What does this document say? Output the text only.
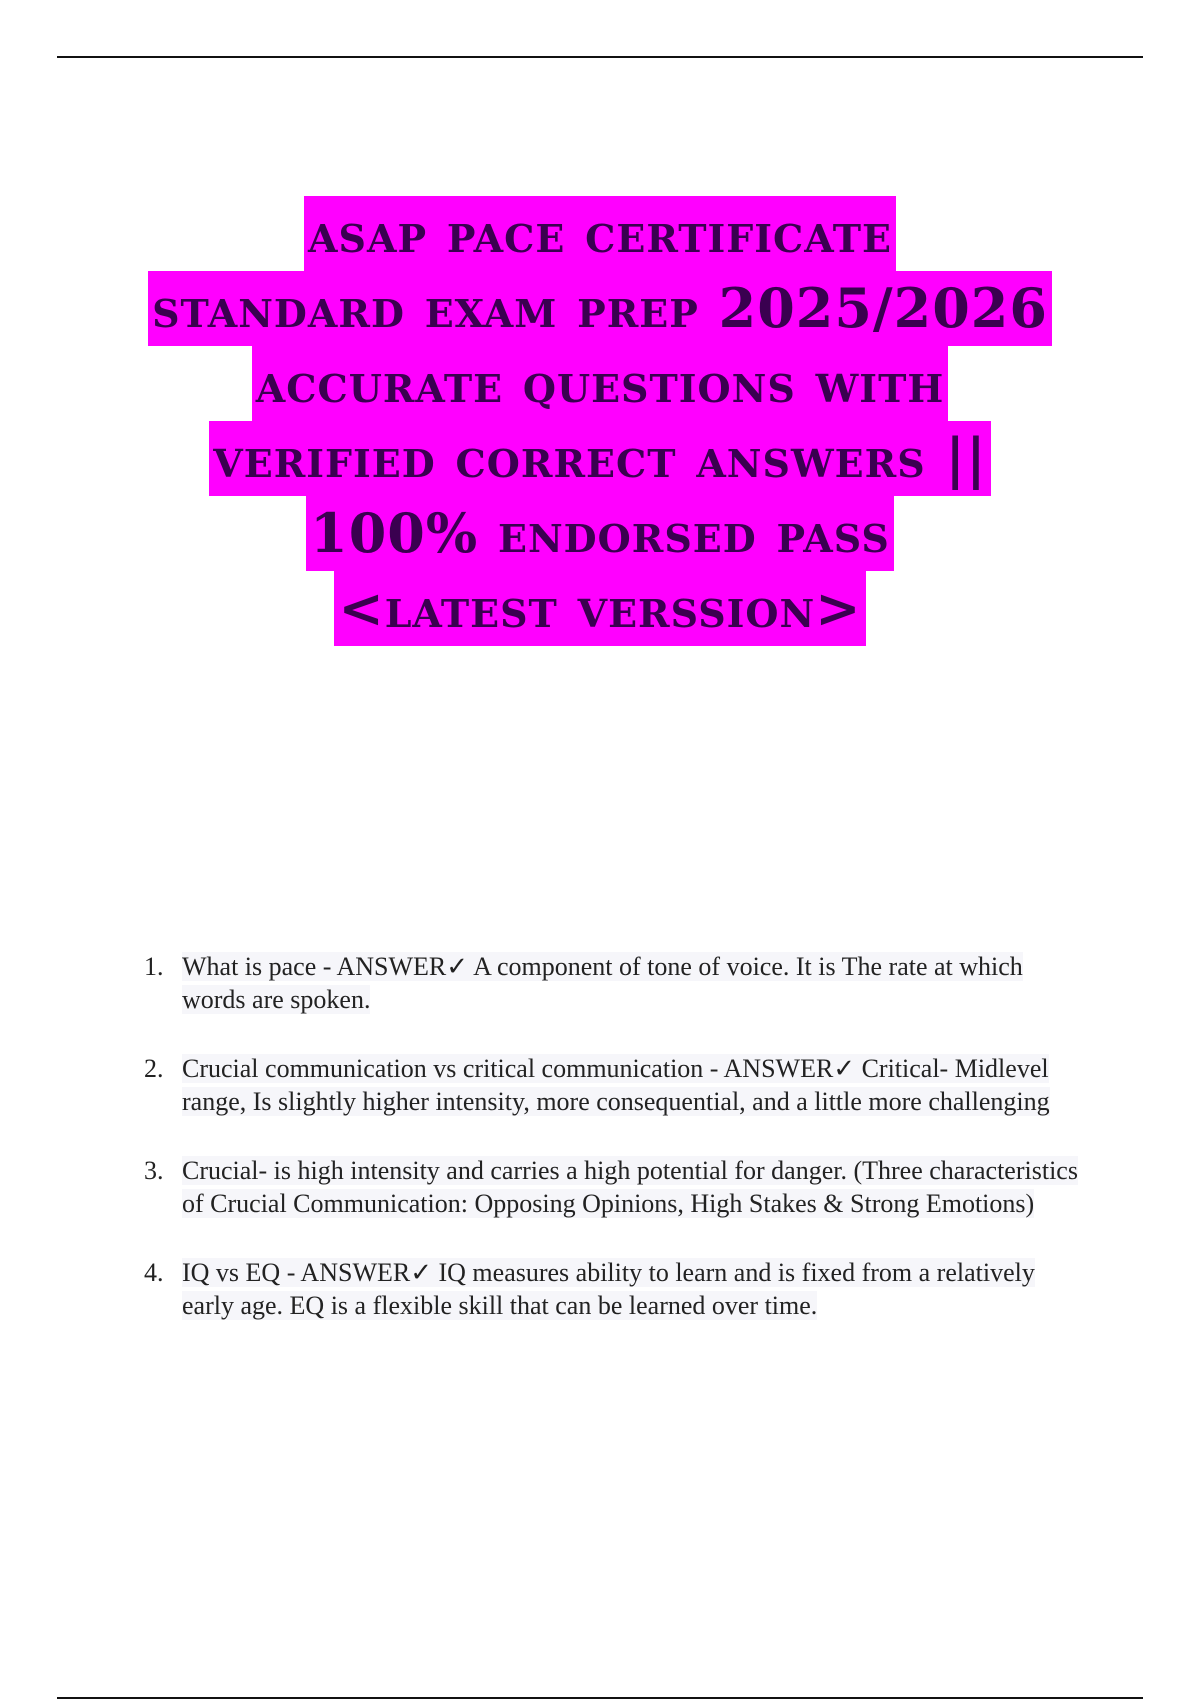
asap pace certificate
standard exam prep 2025/2026
accurate questions with
verified correct answers ||
100% endorsed pass
<latest verssion>
1. What is pace - ANSWER✓ A component of tone of voice. It is The rate at which words are spoken.
2. Crucial communication vs critical communication - ANSWER✓ Critical- Midlevel range, Is slightly higher intensity, more consequential, and a little more challenging
3. Crucial- is high intensity and carries a high potential for danger. (Three characteristics of Crucial Communication: Opposing Opinions, High Stakes & Strong Emotions)
4. IQ vs EQ - ANSWER✓ IQ measures ability to learn and is fixed from a relatively early age. EQ is a flexible skill that can be learned over time.
